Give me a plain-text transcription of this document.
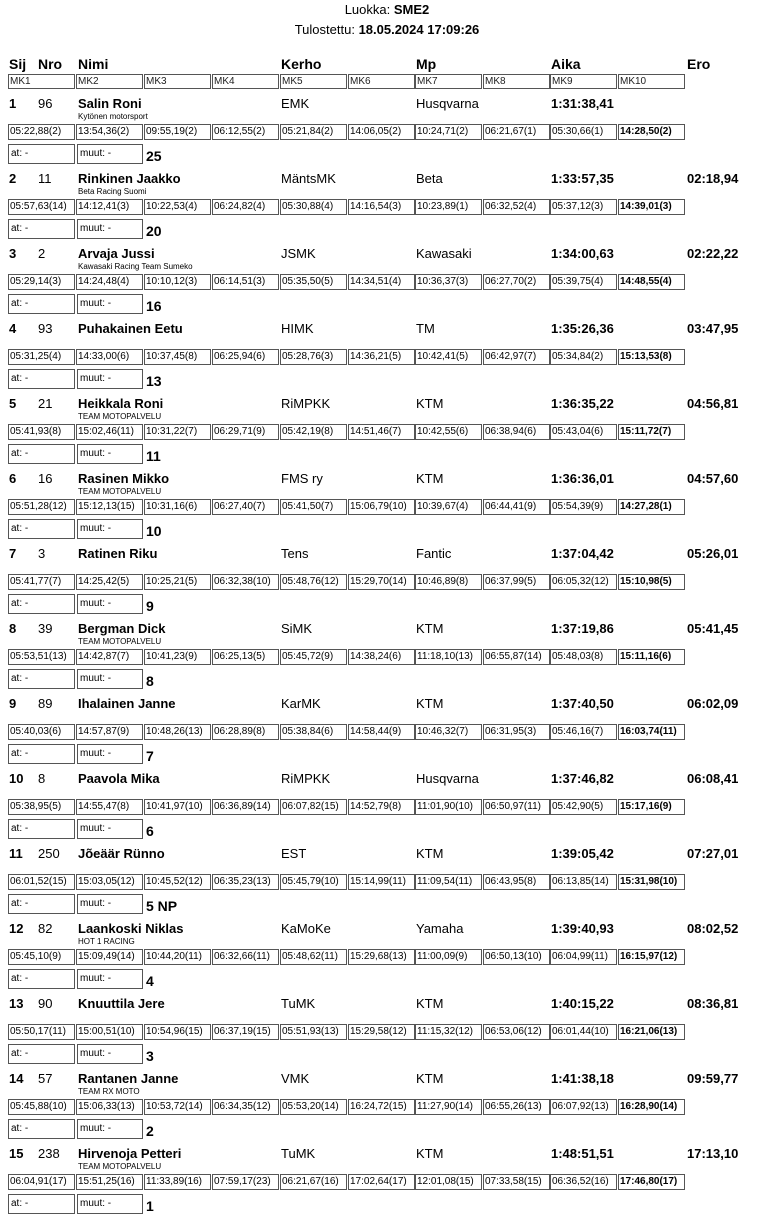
Luokka: SME2
Tulostettu: 18.05.2024 17:09:26
Sij Nro Nimi	Kerho	Mp	Aika	Ero
MK1	MK2	MK3	MK4	MK5	MK6	MK7	MK8	MK9	MK10
1 96 Salin Roni
Kytönen motorsport
EMK	Husqvarna	1:31:38,41
05:22,88(2)	13:54,36(2)	09:55,19(2)	06:12,55(2)	05:21,84(2)	14:06,05(2)	10:24,71(2)	06:21,67(1)	05:30,66(1)	14:28,50(2)
at: -	muut: -	25
2 11 Rinkinen Jaakko
Beta Racing Suomi
MäntsMK	Beta	1:33:57,35	02:18,94
05:57,63(14)	14:12,41(3)	10:22,53(4)	06:24,82(4)	05:30,88(4)	14:16,54(3)	10:23,89(1)	06:32,52(4)	05:37,12(3)	14:39,01(3)
at: -	muut: -	20
3 2	Arvaja Jussi
Kawasaki Racing Team Sumeko
JSMK	Kawasaki	1:34:00,63	02:22,22
05:29,14(3)	14:24,48(4)	10:10,12(3)	06:14,51(3)	05:35,50(5)	14:34,51(4)	10:36,37(3)	06:27,70(2)	05:39,75(4)	14:48,55(4)
at: -	muut: -	16
4 93 Puhakainen Eetu	HIMK	TM	1:35:26,36	03:47,95
05:31,25(4)	14:33,00(6)	10:37,45(8)	06:25,94(6)	05:28,76(3)	14:36,21(5)	10:42,41(5)	06:42,97(7)	05:34,84(2)	15:13,53(8)
at: -	muut: -	13
5 21 Heikkala Roni
TEAM MOTOPALVELU
RiMPKK	KTM	1:36:35,22	04:56,81
05:41,93(8)	15:02,46(11)	10:31,22(7)	06:29,71(9)	05:42,19(8)	14:51,46(7)	10:42,55(6)	06:38,94(6)	05:43,04(6)	15:11,72(7)
at: -	muut: -	11
6 16 Rasinen Mikko
TEAM MOTOPALVELU
FMS ry	KTM	1:36:36,01	04:57,60
05:51,28(12)	15:12,13(15)	10:31,16(6)	06:27,40(7)	05:41,50(7)	15:06,79(10)	10:39,67(4)	06:44,41(9)	05:54,39(9)	14:27,28(1)
at: -	muut: -	10
7 3	Ratinen Riku	Tens	Fantic	1:37:04,42	05:26,01
05:41,77(7)	14:25,42(5)	10:25,21(5)	06:32,38(10)	05:48,76(12)	15:29,70(14)	10:46,89(8)	06:37,99(5)	06:05,32(12)	15:10,98(5)
at: -	muut: -	9
8 39 Bergman Dick
TEAM MOTOPALVELU
SiMK	KTM	1:37:19,86	05:41,45
05:53,51(13)	14:42,87(7)	10:41,23(9)	06:25,13(5)	05:45,72(9)	14:38,24(6)	11:18,10(13)	06:55,87(14)	05:48,03(8)	15:11,16(6)
at: -	muut: -	8
9 89 Ihalainen Janne	KarMK	KTM	1:37:40,50	06:02,09
05:40,03(6)	14:57,87(9)	10:48,26(13)	06:28,89(8)	05:38,84(6)	14:58,44(9)	10:46,32(7)	06:31,95(3)	05:46,16(7)	16:03,74(11)
at: -	muut: -	7
10 8	Paavola Mika	RiMPKK	Husqvarna	1:37:46,82	06:08,41
05:38,95(5)	14:55,47(8)	10:41,97(10)	06:36,89(14)	06:07,82(15)	14:52,79(8)	11:01,90(10)	06:50,97(11)	05:42,90(5)	15:17,16(9)
at: -	muut: -	6
11 250 Jõeäär Rünno	EST	KTM	1:39:05,42	07:27,01
06:01,52(15)	15:03,05(12)	10:45,52(12)	06:35,23(13)	05:45,79(10)	15:14,99(11)	11:09,54(11)	06:43,95(8)	06:13,85(14)	15:31,98(10)
at: -	muut: -	5 NP
12 82 Laankoski Niklas
HOT 1 RACING
KaMoKe	Yamaha	1:39:40,93	08:02,52
05:45,10(9)	15:09,49(14)	10:44,20(11)	06:32,66(11)	05:48,62(11)	15:29,68(13)	11:00,09(9)	06:50,13(10)	06:04,99(11)	16:15,97(12)
at: -	muut: -	4
13 90 Knuuttila Jere	TuMK	KTM	1:40:15,22	08:36,81
05:50,17(11)	15:00,51(10)	10:54,96(15)	06:37,19(15)	05:51,93(13)	15:29,58(12)	11:15,32(12)	06:53,06(12)	06:01,44(10)	16:21,06(13)
at: -	muut: -	3
14 57 Rantanen Janne
TEAM RX MOTO
VMK	KTM	1:41:38,18	09:59,77
05:45,88(10)	15:06,33(13)	10:53,72(14)	06:34,35(12)	05:53,20(14)	16:24,72(15)	11:27,90(14)	06:55,26(13)	06:07,92(13)	16:28,90(14)
at: -	muut: -	2
15 238 Hirvenoja Petteri
TEAM MOTOPALVELU
TuMK	KTM	1:48:51,51	17:13,10
06:04,91(17)	15:51,25(16)	11:33,89(16)	07:59,17(23)	06:21,67(16)	17:02,64(17)	12:01,08(15)	07:33,58(15)	06:36,52(16)	17:46,80(17)
at: -	muut: -	1
